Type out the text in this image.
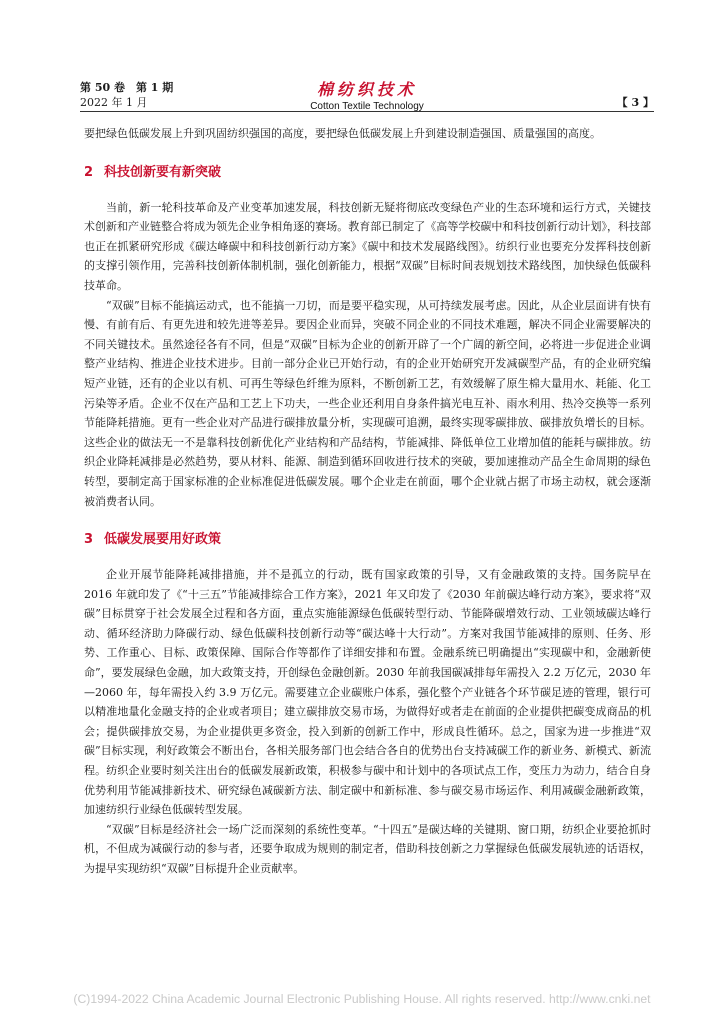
第 50 卷　第 1 期
2022 年 1 月
棉纺织技术
Cotton Textile Technology	【 3 】

要把绿色低碳发展上升到巩固纺织强国的高度，要把绿色低碳发展上升到建设制造强国、质量强国的高度。

2 科技创新要有新突破

当前，新一轮科技革命及产业变革加速发展，科技创新无疑将彻底改变绿色产业的生态环境和运行方式，关键技术创新和产业链整合将成为领先企业争相角逐的赛场。教育部已制定了《高等学校碳中和科技创新行动计划》，科技部也正在抓紧研究形成《碳达峰碳中和科技创新行动方案》《碳中和技术发展路线图》。纺织行业也要充分发挥科技创新的支撑引领作用，完善科技创新体制机制，强化创新能力，根据“双碳”目标时间表规划技术路线图，加快绿色低碳科技革命。

“双碳”目标不能搞运动式，也不能搞一刀切，而是要平稳实现，从可持续发展考虑。因此，从企业层面讲有快有慢、有前有后、有更先进和较先进等差异。要因企业而异，突破不同企业的不同技术难题，解决不同企业需要解决的不同关键技术。虽然途径各有不同，但是“双碳”目标为企业的创新开辟了一个广阔的新空间，必将进一步促进企业调整产业结构、推进企业技术进步。目前一部分企业已开始行动，有的企业开始研究开发减碳型产品，有的企业研究编短产业链，还有的企业以有机、可再生等绿色纤维为原料，不断创新工艺，有效缓解了原生棉大量用水、耗能、化工污染等矛盾。企业不仅在产品和工艺上下功夫，一些企业还利用自身条件搞光电互补、雨水利用、热冷交换等一系列节能降耗措施。更有一些企业对产品进行碳排放量分析，实现碳可追溯，最终实现零碳排放、碳排放负增长的目标。这些企业的做法无一不是靠科技创新优化产业结构和产品结构，节能减排、降低单位工业增加值的能耗与碳排放。纺织企业降耗减排是必然趋势，要从材料、能源、制造到循环回收进行技术的突破，要加速推动产品全生命周期的绿色转型，要制定高于国家标准的企业标准促进低碳发展。哪个企业走在前面，哪个企业就占据了市场主动权，就会逐渐被消费者认同。

3 低碳发展要用好政策

企业开展节能降耗减排措施，并不是孤立的行动，既有国家政策的引导，又有金融政策的支持。国务院早在 2016 年就印发了《“十三五”节能减排综合工作方案》，2021 年又印发了《2030 年前碳达峰行动方案》，要求将“双碳”目标贯穿于社会发展全过程和各方面，重点实施能源绿色低碳转型行动、节能降碳增效行动、工业领域碳达峰行动、循环经济助力降碳行动、绿色低碳科技创新行动等“碳达峰十大行动”。方案对我国节能减排的原则、任务、形势、工作重心、目标、政策保障、国际合作等都作了详细安排和布置。金融系统已明确提出“实现碳中和，金融新使命”，要发展绿色金融，加大政策支持，开创绿色金融创新。2030 年前我国碳减排每年需投入 2.2 万亿元，2030 年—2060 年，每年需投入约 3.9 万亿元。需要建立企业碳账户体系，强化整个产业链各个环节碳足迹的管理，银行可以精准地量化金融支持的企业或者项目；建立碳排放交易市场，为做得好或者走在前面的企业提供把碳变成商品的机会；提供碳排放交易，为企业提供更多资金，投入到新的创新工作中，形成良性循环。总之，国家为进一步推进“双碳”目标实现，利好政策会不断出台，各相关服务部门也会结合各自的优势出台支持减碳工作的新业务、新模式、新流程。纺织企业要时刻关注出台的低碳发展新政策，积极参与碳中和计划中的各项试点工作，变压力为动力，结合自身优势利用节能减排新技术、研究绿色减碳新方法、制定碳中和新标准、参与碳交易市场运作、利用减碳金融新政策，加速纺织行业绿色低碳转型发展。

“双碳”目标是经济社会一场广泛而深刻的系统性变革。“十四五”是碳达峰的关键期、窗口期，纺织企业要抢抓时机，不但成为减碳行动的参与者，还要争取成为规则的制定者，借助科技创新之力掌握绿色低碳发展轨迹的话语权，为提早实现纺织“双碳”目标提升企业贡献率。

(C)1994-2022 China Academic Journal Electronic Publishing House. All rights reserved. http://www.cnki.net
